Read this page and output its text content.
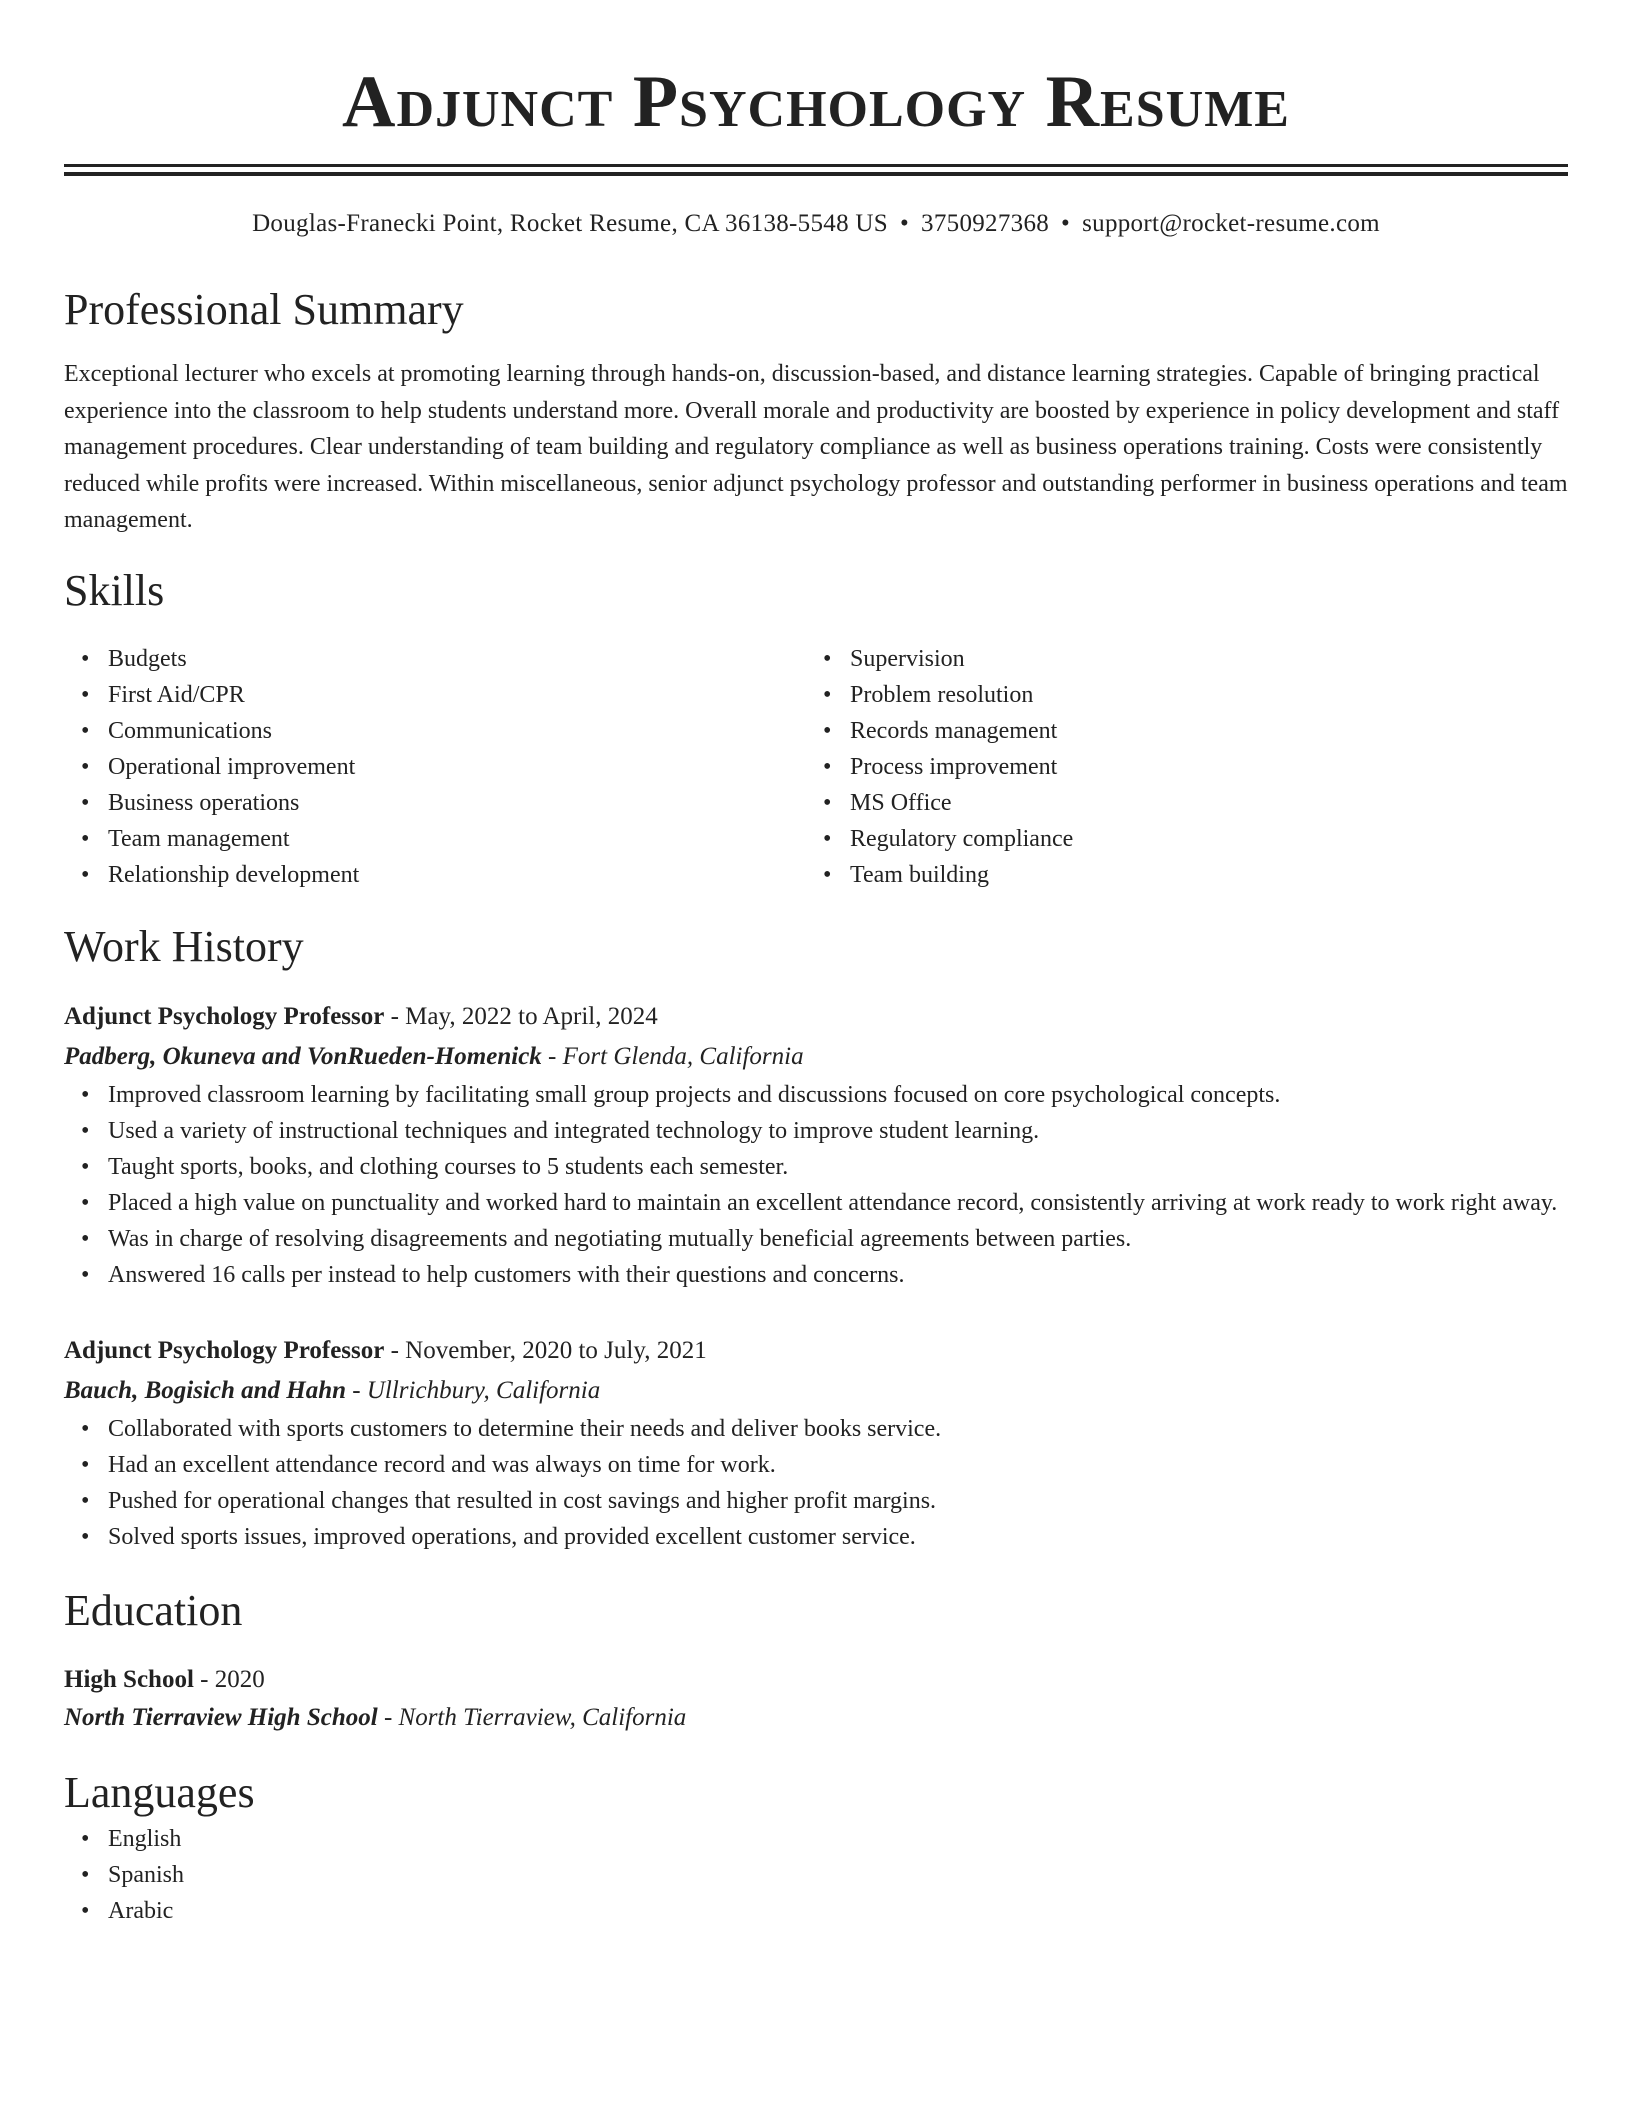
Adjunct Psychology Resume
Douglas-Franecki Point, Rocket Resume, CA 36138-5548 US • 3750927368 • support@rocket-resume.com
Professional Summary

Exceptional lecturer who excels at promoting learning through hands-on, discussion-based, and distance learning strategies. Capable of bringing practical experience into the classroom to help students understand more. Overall morale and productivity are boosted by experience in policy development and staff management procedures. Clear understanding of team building and regulatory compliance as well as business operations training. Costs were consistently reduced while profits were increased. Within miscellaneous, senior adjunct psychology professor and outstanding performer in business operations and team management.

Skills
• Budgets
• First Aid/CPR
• Communications
• Operational improvement
• Business operations
• Team management
• Relationship development
• Supervision
• Problem resolution
• Records management
• Process improvement
• MS Office
• Regulatory compliance
• Team building
Work History
Adjunct Psychology Professor - May, 2022 to April, 2024
Padberg, Okuneva and VonRueden-Homenick - Fort Glenda, California
• Improved classroom learning by facilitating small group projects and discussions focused on core psychological concepts.
• Used a variety of instructional techniques and integrated technology to improve student learning.
• Taught sports, books, and clothing courses to 5 students each semester.
• Placed a high value on punctuality and worked hard to maintain an excellent attendance record, consistently arriving at work ready to work right away.
• Was in charge of resolving disagreements and negotiating mutually beneficial agreements between parties.
• Answered 16 calls per instead to help customers with their questions and concerns.
Adjunct Psychology Professor - November, 2020 to July, 2021
Bauch, Bogisich and Hahn - Ullrichbury, California
• Collaborated with sports customers to determine their needs and deliver books service.
• Had an excellent attendance record and was always on time for work.
• Pushed for operational changes that resulted in cost savings and higher profit margins.
• Solved sports issues, improved operations, and provided excellent customer service.
Education
High School - 2020
North Tierraview High School - North Tierraview, California
Languages
• English
• Spanish
• Arabic
